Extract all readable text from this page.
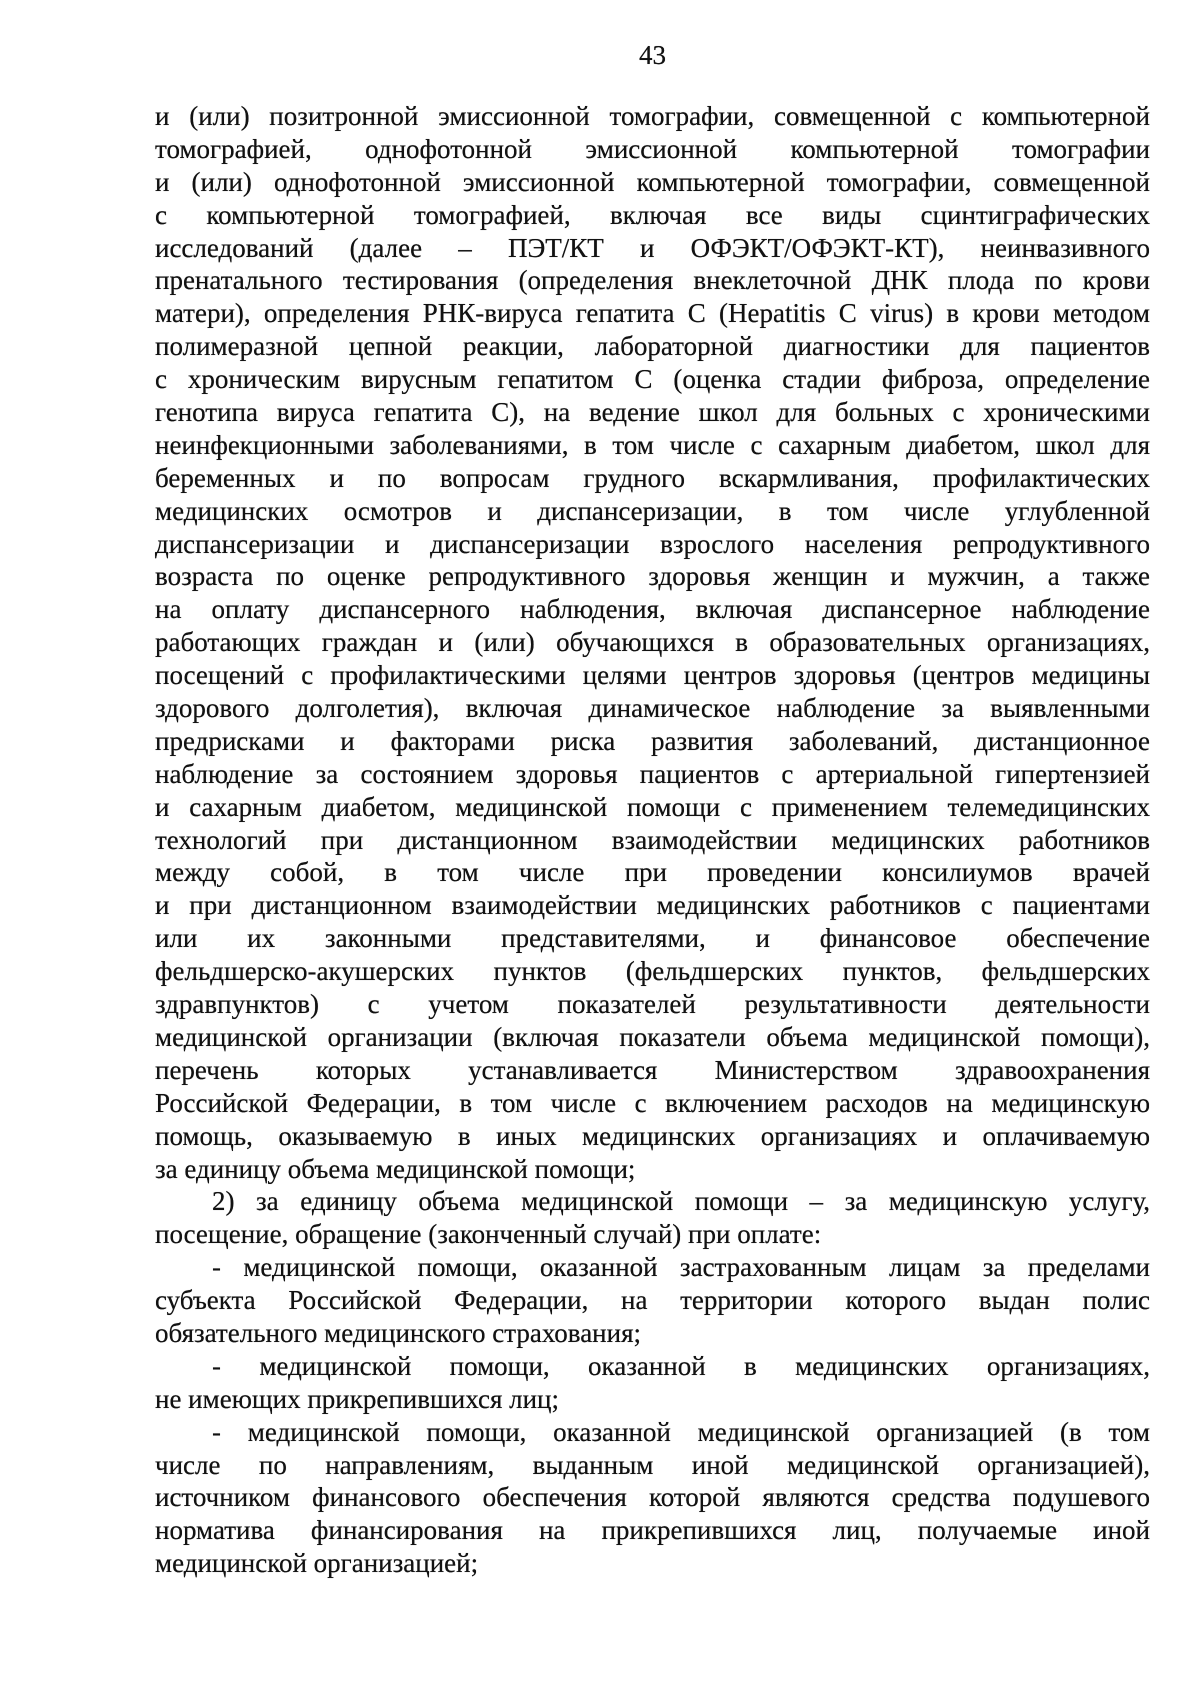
43
и (или) позитронной эмиссионной томографии, совмещенной с компьютерной
томографией, однофотонной эмиссионной компьютерной томографии
и (или) однофотонной эмиссионной компьютерной томографии, совмещенной
с компьютерной томографией, включая все виды сцинтиграфических
исследований (далее – ПЭТ/КТ и ОФЭКТ/ОФЭКТ-КТ), неинвазивного
пренатального тестирования (определения внеклеточной ДНК плода по крови
матери), определения РНК-вируса гепатита C (Hepatitis C virus) в крови методом
полимеразной цепной реакции, лабораторной диагностики для пациентов
с хроническим вирусным гепатитом C (оценка стадии фиброза, определение
генотипа вируса гепатита C), на ведение школ для больных с хроническими
неинфекционными заболеваниями, в том числе с сахарным диабетом, школ для
беременных и по вопросам грудного вскармливания, профилактических
медицинских осмотров и диспансеризации, в том числе углубленной
диспансеризации и диспансеризации взрослого населения репродуктивного
возраста по оценке репродуктивного здоровья женщин и мужчин, а также
на оплату диспансерного наблюдения, включая диспансерное наблюдение
работающих граждан и (или) обучающихся в образовательных организациях,
посещений с профилактическими целями центров здоровья (центров медицины
здорового долголетия), включая динамическое наблюдение за выявленными
предрисками и факторами риска развития заболеваний, дистанционное
наблюдение за состоянием здоровья пациентов с артериальной гипертензией
и сахарным диабетом, медицинской помощи с применением телемедицинских
технологий при дистанционном взаимодействии медицинских работников
между собой, в том числе при проведении консилиумов врачей
и при дистанционном взаимодействии медицинских работников с пациентами
или их законными представителями, и финансовое обеспечение
фельдшерско-акушерских пунктов (фельдшерских пунктов, фельдшерских
здравпунктов) с учетом показателей результативности деятельности
медицинской организации (включая показатели объема медицинской помощи),
перечень которых устанавливается Министерством здравоохранения
Российской Федерации, в том числе с включением расходов на медицинскую
помощь, оказываемую в иных медицинских организациях и оплачиваемую
за единицу объема медицинской помощи;
2) за единицу объема медицинской помощи – за медицинскую услугу,
посещение, обращение (законченный случай) при оплате:
- медицинской помощи, оказанной застрахованным лицам за пределами
субъекта Российской Федерации, на территории которого выдан полис
обязательного медицинского страхования;
- медицинской помощи, оказанной в медицинских организациях,
не имеющих прикрепившихся лиц;
- медицинской помощи, оказанной медицинской организацией (в том
числе по направлениям, выданным иной медицинской организацией),
источником финансового обеспечения которой являются средства подушевого
норматива финансирования на прикрепившихся лиц, получаемые иной
медицинской организацией;
